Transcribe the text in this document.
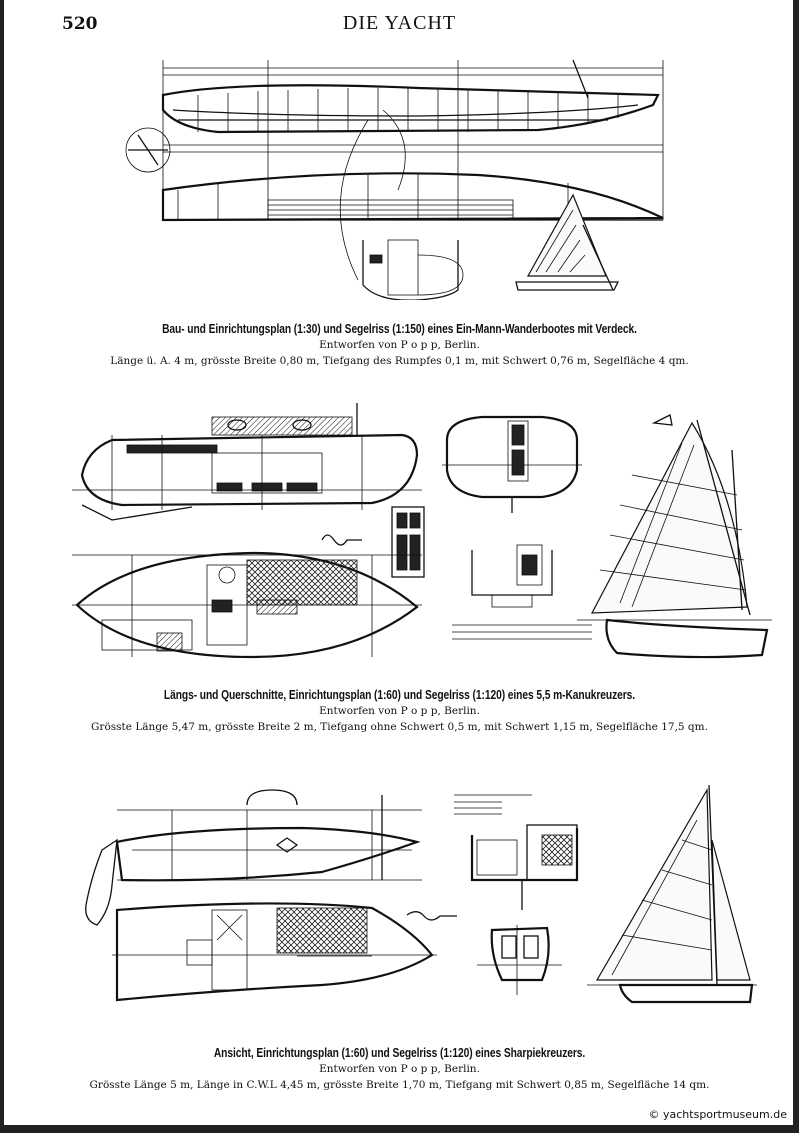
520	DIE YACHT
Bau- und Einrichtungsplan (1:30) und Segelriss (1:150) eines Ein-Mann-Wanderbootes mit Verdeck.
Entworfen von P o p p, Berlin.
Länge ü. A. 4 m, grösste Breite 0,80 m, Tiefgang des Rumpfes 0,1 m, mit Schwert 0,76 m, Segelfläche 4 qm.
Längs- und Querschnitte, Einrichtungsplan (1:60) und Segelriss (1:120) eines 5,5 m-Kanukreuzers.
Entworfen von P o p p, Berlin.
Grösste Länge 5,47 m, grösste Breite 2 m, Tiefgang ohne Schwert 0,5 m, mit Schwert 1,15 m, Segelfläche 17,5 qm.
Ansicht, Einrichtungsplan (1:60) und Segelriss (1:120) eines Sharpiekreuzers.
Entworfen von P o p p, Berlin.
Grösste Länge 5 m, Länge in C.W.L 4,45 m, grösste Breite 1,70 m, Tiefgang mit Schwert 0,85 m, Segelfläche 14 qm.
© yachtsportmuseum.de
